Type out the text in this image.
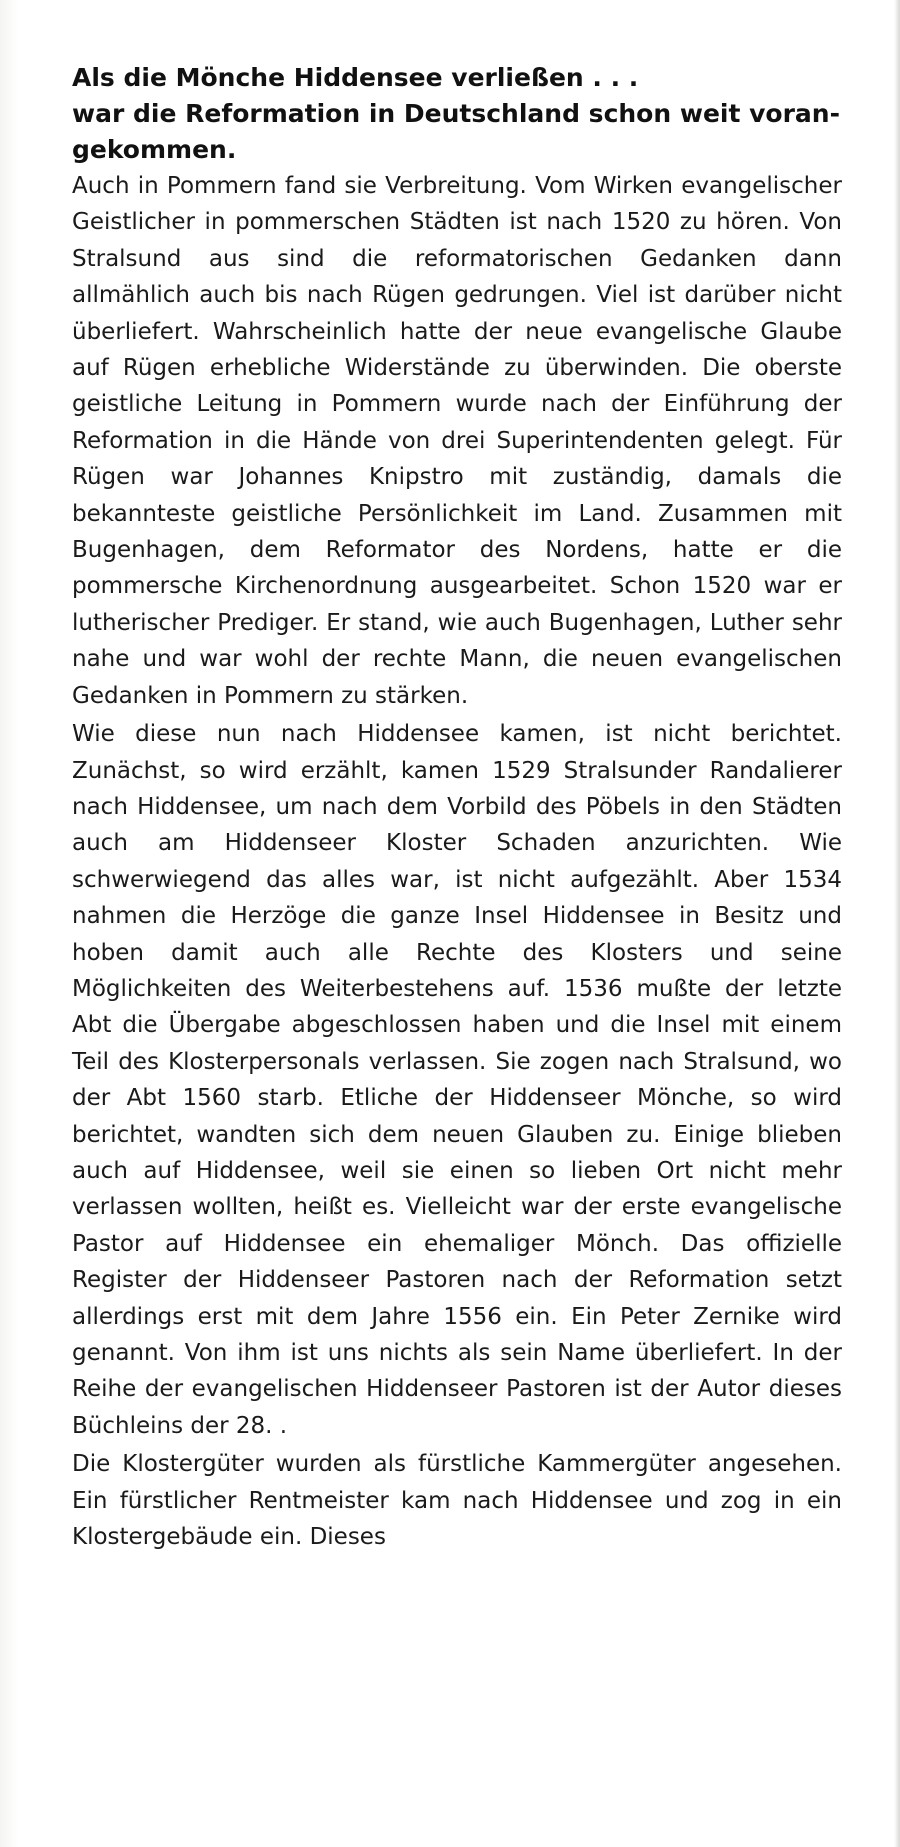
Als die Mönche Hiddensee verließen . . .
war die Reformation in Deutschland schon weit vorangekommen.

Auch in Pommern fand sie Verbreitung. Vom Wirken evangelischer Geistlicher in pommerschen Städten ist nach 1520 zu hören. Von Stralsund aus sind die reformatorischen Gedanken dann allmählich auch bis nach Rügen gedrungen. Viel ist darüber nicht überliefert. Wahrscheinlich hatte der neue evangelische Glaube auf Rügen erhebliche Widerstände zu überwinden. Die oberste geistliche Leitung in Pommern wurde nach der Einführung der Reformation in die Hände von drei Superintendenten gelegt. Für Rügen war Johannes Knipstro mit zuständig, damals die bekannteste geistliche Persönlichkeit im Land. Zusammen mit Bugenhagen, dem Reformator des Nordens, hatte er die pommersche Kirchenordnung ausgearbeitet. Schon 1520 war er lutherischer Prediger. Er stand, wie auch Bugenhagen, Luther sehr nahe und war wohl der rechte Mann, die neuen evangelischen Gedanken in Pommern zu stärken.

Wie diese nun nach Hiddensee kamen, ist nicht berichtet. Zunächst, so wird erzählt, kamen 1529 Stralsunder Randalierer nach Hiddensee, um nach dem Vorbild des Pöbels in den Städten auch am Hiddenseer Kloster Schaden anzurichten. Wie schwerwiegend das alles war, ist nicht aufgezählt. Aber 1534 nahmen die Herzöge die ganze Insel Hiddensee in Besitz und hoben damit auch alle Rechte des Klosters und seine Möglichkeiten des Weiterbestehens auf. 1536 mußte der letzte Abt die Übergabe abgeschlossen haben und die Insel mit einem Teil des Klosterpersonals verlassen. Sie zogen nach Stralsund, wo der Abt 1560 starb. Etliche der Hiddenseer Mönche, so wird berichtet, wandten sich dem neuen Glauben zu. Einige blieben auch auf Hiddensee, weil sie einen so lieben Ort nicht mehr verlassen wollten, heißt es. Vielleicht war der erste evangelische Pastor auf Hiddensee ein ehemaliger Mönch. Das offizielle Register der Hiddenseer Pastoren nach der Reformation setzt allerdings erst mit dem Jahre 1556 ein. Ein Peter Zernike wird genannt. Von ihm ist uns nichts als sein Name überliefert. In der Reihe der evangelischen Hiddenseer Pastoren ist der Autor dieses Büchleins der 28. .

Die Klostergüter wurden als fürstliche Kammergüter angesehen. Ein fürstlicher Rentmeister kam nach Hiddensee und zog in ein Klostergebäude ein. Dieses
